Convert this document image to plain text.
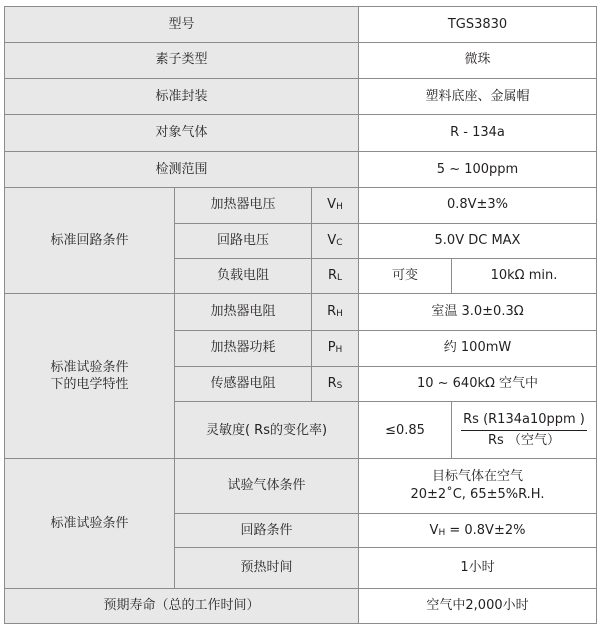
型号			TGS3830	
素子类型			微珠	
标准封装			塑料底座、金属帽	
对象气体			R - 134a	
检测范围			5 ~ 100ppm	
标准回路条件	加热器电压	VH	0.8V±3%	
	回路电压	VC	5.0V DC MAX	
	负载电阻	RL	可变	10kΩ min.

标准试验条件
下的电学特性	加热器电阻	RH	室温 3.0±0.3Ω	
	加热器功耗	PH	约 100mW	
	传感器电阻	RS	10 ~ 640kΩ 空气中	
	灵敏度( Rs的变化率)		≤0.85	$\frac{\text{Rs (R134a10ppm )}}{\text{Rs （空气）}}$

标准试验条件	试验气体条件		目标气体在空气
20±2˚C, 65±5%R.H.	

	回路条件		VH = 0.8V±2%	
	预热时间		1小时	
预期寿命（总的工作时间）			空气中2,000小时	
